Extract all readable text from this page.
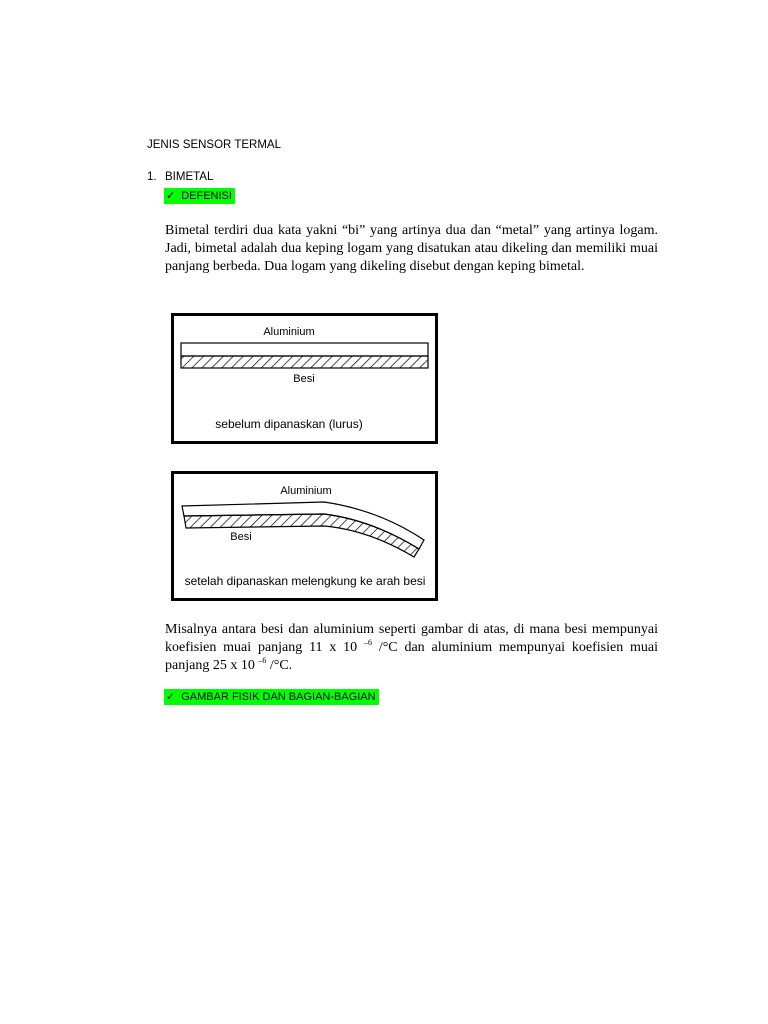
JENIS SENSOR TERMAL
1. BIMETAL
✓ DEFENISI
Bimetal terdiri dua kata yakni “bi” yang artinya dua dan “metal” yang artinya logam. Jadi, bimetal adalah dua keping logam yang disatukan atau dikeling dan memiliki muai panjang berbeda. Dua logam yang dikeling disebut dengan keping bimetal.
Aluminium
Besi
sebelum dipanaskan (lurus)
Aluminium
Besi
setelah dipanaskan melengkung ke arah besi
Misalnya antara besi dan aluminium seperti gambar di atas, di mana besi mempunyai koefisien muai panjang 11 x 10 $^{-6}$ /°C dan aluminium mempunyai koefisien muai panjang 25 x 10 $^{-6}$ /°C.
✓ GAMBAR FISIK DAN BAGIAN-BAGIAN
